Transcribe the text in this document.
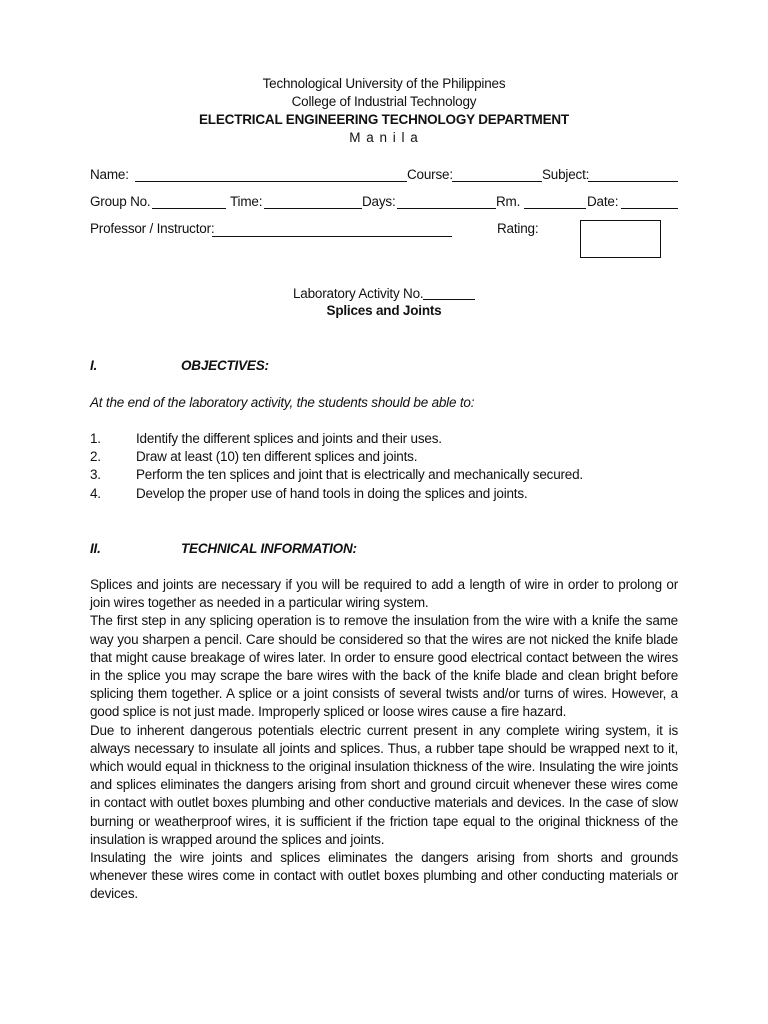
Technological University of the Philippines
College of Industrial Technology
ELECTRICAL ENGINEERING TECHNOLOGY DEPARTMENT
M a n i l a
Name:	Course:	Subject:
Group No.	Time:	Days:	Rm.	Date:
Professor / Instructor:	Rating:
Laboratory Activity No.
Splices and Joints
I.	OBJECTIVES:
At the end of the laboratory activity, the students should be able to:
1.	Identify the different splices and joints and their uses.
2.	Draw at least (10) ten different splices and joints.
3.	Perform the ten splices and joint that is electrically and mechanically secured.
4.	Develop the proper use of hand tools in doing the splices and joints.
II.	TECHNICAL INFORMATION:

Splices and joints are necessary if you will be required to add a length of wire in order to prolong or join wires together as needed in a particular wiring system.

The first step in any splicing operation is to remove the insulation from the wire with a knife the same way you sharpen a pencil. Care should be considered so that the wires are not nicked the knife blade that might cause breakage of wires later. In order to ensure good electrical contact between the wires in the splice you may scrape the bare wires with the back of the knife blade and clean bright before splicing them together. A splice or a joint consists of several twists and/or turns of wires. However, a good splice is not just made. Improperly spliced or loose wires cause a fire hazard.

Due to inherent dangerous potentials electric current present in any complete wiring system, it is always necessary to insulate all joints and splices. Thus, a rubber tape should be wrapped next to it, which would equal in thickness to the original insulation thickness of the wire. Insulating the wire joints and splices eliminates the dangers arising from short and ground circuit whenever these wires come in contact with outlet boxes plumbing and other conductive materials and devices. In the case of slow burning or weatherproof wires, it is sufficient if the friction tape equal to the original thickness of the insulation is wrapped around the splices and joints.

Insulating the wire joints and splices eliminates the dangers arising from shorts and grounds whenever these wires come in contact with outlet boxes plumbing and other conducting materials or devices.
